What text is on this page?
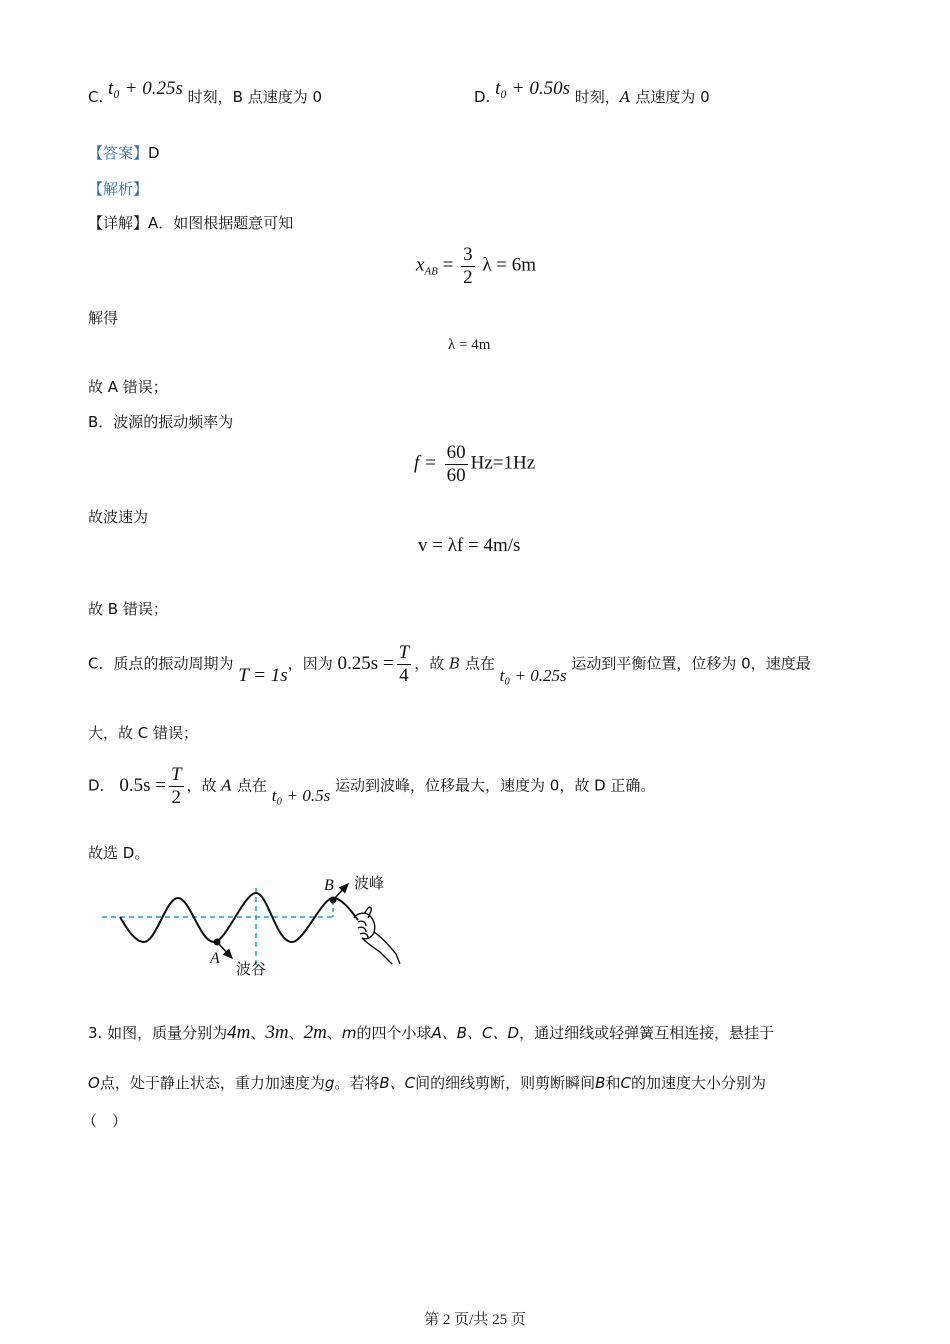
C. t₀ + 0.25s 时刻，B 点速度为 0	D. t₀ + 0.50s 时刻，A 点速度为 0
【答案】D
【解析】
【详解】A．如图根据题意可知
$x_{AB} = \frac{3}{2}$ λ = 6m
解得
λ = 4m
故 A 错误；
B．波源的振动频率为
$f = \frac{60}{60} Hz=1Hz$
故波速为
v = λf = 4m/s
故 B 错误；
C．质点的振动周期为 T = 1s，因为 $0.25s = \frac{T}{4}$ ，故 B 点在 t₀ + 0.25s 运动到平衡位置，位移为 0，速度最
大，故 C 错误；
D． $0.5s = \frac{T}{2}$ ，故 A 点在 t₀ + 0.5s 运动到波峰，位移最大，速度为 0，故 D 正确。
故选 D。
A
B
波谷
波峰
3. 如图，质量分别为4m、3m、2m、m的四个小球A、B、C、D，通过细线或轻弹簧互相连接，悬挂于
O点，处于静止状态，重力加速度为g。若将B、C间的细线剪断，则剪断瞬间B和C的加速度大小分别为
（　）
第 2 页/共 25 页
